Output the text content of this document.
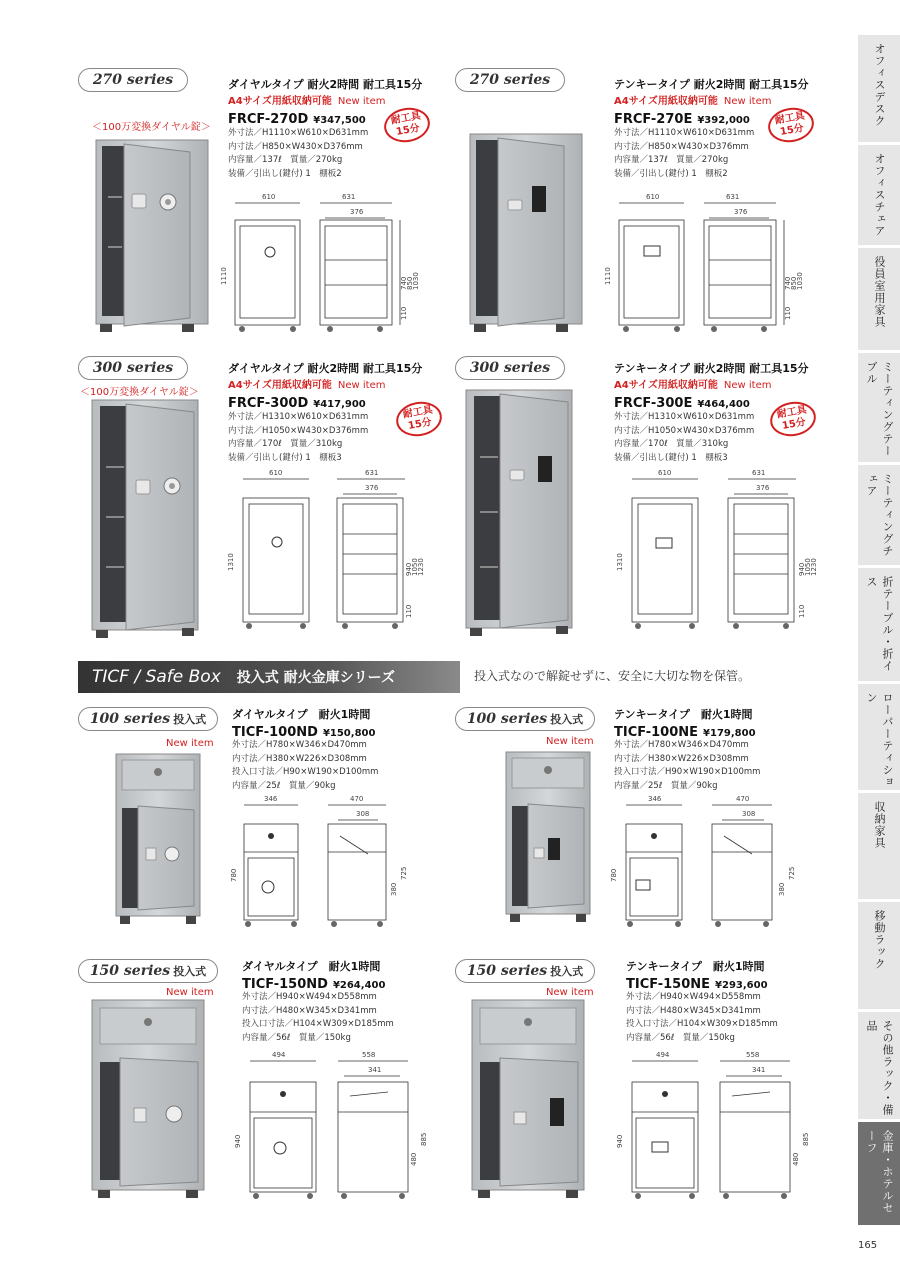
オフィスデスク
オフィスチェア
役員室用家具
ミーティングテーブル
ミーティングチェア
折テーブル・折イス
ローパーティション
収納家具
移動ラック
その他ラック・備品
金庫・ホテルセーフ
270 series
＜100万変換ダイヤル錠＞
ダイヤルタイプ 耐火2時間 耐工具15分
A4サイズ用紙収納可能 New item
FRCF-270D ¥347,500
外寸法／H1110×W610×D631mm
内寸法／H850×W430×D376mm
内容量／137ℓ　質量／270kg
装備／引出し(鍵付) 1　棚板2
耐工具
15分
610	631
376
1110	740
850
1030
110
270 series	テンキータイプ 耐火2時間 耐工具15分
A4サイズ用紙収納可能 New item
FRCF-270E ¥392,000
外寸法／H1110×W610×D631mm
内寸法／H850×W430×D376mm
内容量／137ℓ　質量／270kg
装備／引出し(鍵付) 1　棚板2
耐工具
15分
610	631
376
1110	740
850
1030
110
300 series
＜100万変換ダイヤル錠＞
ダイヤルタイプ 耐火2時間 耐工具15分
A4サイズ用紙収納可能 New item
FRCF-300D ¥417,900
外寸法／H1310×W610×D631mm
内寸法／H1050×W430×D376mm
内容量／170ℓ　質量／310kg
装備／引出し(鍵付) 1　棚板3
耐工具
15分
610	631
376
1310	940
1050
1230
110
300 series	テンキータイプ 耐火2時間 耐工具15分
A4サイズ用紙収納可能 New item
FRCF-300E ¥464,400
外寸法／H1310×W610×D631mm
内寸法／H1050×W430×D376mm
内容量／170ℓ　質量／310kg
装備／引出し(鍵付) 1　棚板3
耐工具
15分
610	631
376
1310	940
1050
1230
110
TICF / Safe Box 投入式 耐火金庫シリーズ	投入式なので解錠せずに、安全に大切な物を保管。
100 series 投入式
New item
ダイヤルタイプ　耐火1時間
TICF-100ND ¥150,800
外寸法／H780×W346×D470mm
内寸法／H380×W226×D308mm
投入口寸法／H90×W190×D100mm
内容量／25ℓ　質量／90kg
346	470
308
780
380
725
100 series 投入式
New item
テンキータイプ　耐火1時間
TICF-100NE ¥179,800
外寸法／H780×W346×D470mm
内寸法／H380×W226×D308mm
投入口寸法／H90×W190×D100mm
内容量／25ℓ　質量／90kg
346	470
308
780
380
725
150 series 投入式
New item
ダイヤルタイプ　耐火1時間
TICF-150ND ¥264,400
外寸法／H940×W494×D558mm
内寸法／H480×W345×D341mm
投入口寸法／H104×W309×D185mm
内容量／56ℓ　質量／150kg
494	558
341
940
480
885
150 series 投入式
New item
テンキータイプ　耐火1時間
TICF-150NE ¥293,600
外寸法／H940×W494×D558mm
内寸法／H480×W345×D341mm
投入口寸法／H104×W309×D185mm
内容量／56ℓ　質量／150kg
494	558
341
940
480
885
165
